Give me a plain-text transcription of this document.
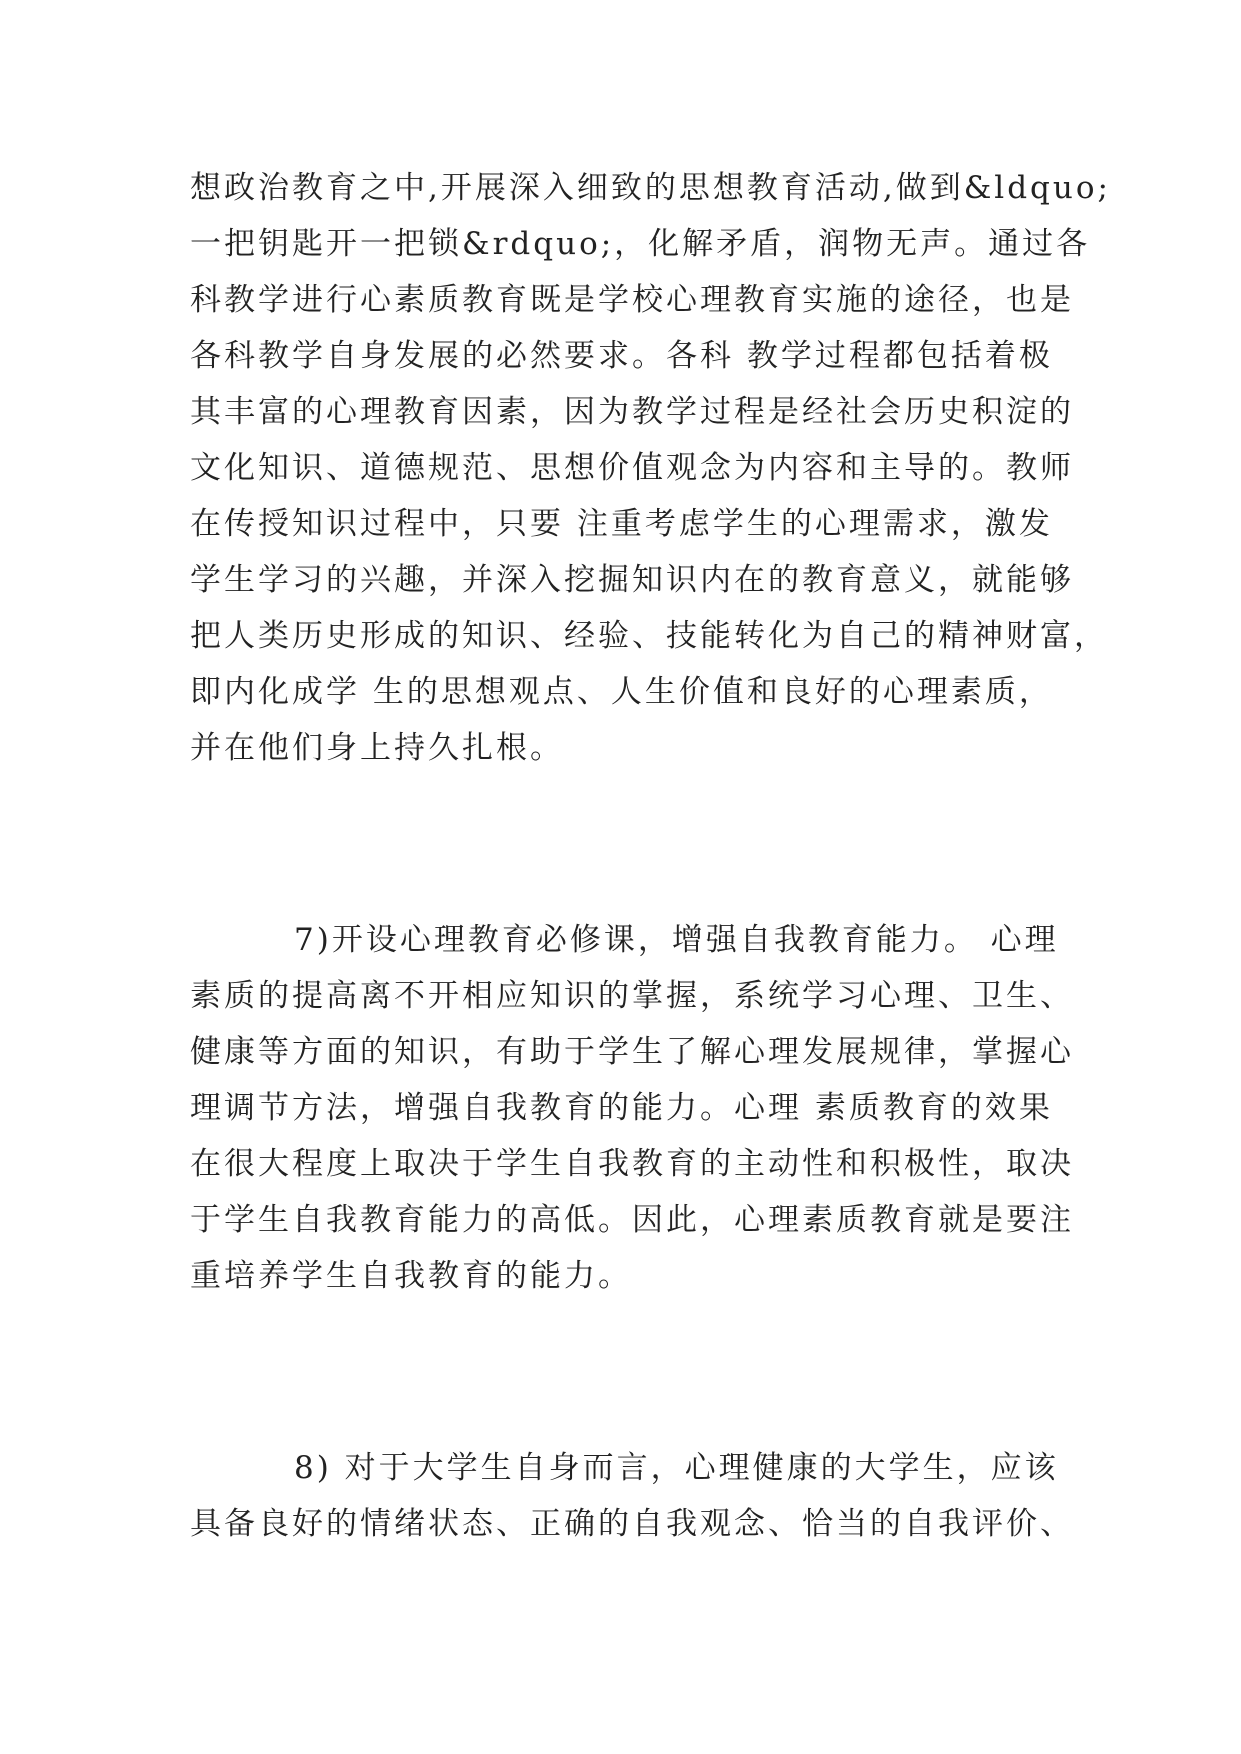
想政治教育之中,开展深入细致的思想教育活动,做到&ldquo;
一把钥匙开一把锁&rdquo;，化解矛盾，润物无声。通过各
科教学进行心素质教育既是学校心理教育实施的途径，也是
各科教学自身发展的必然要求。各科 教学过程都包括着极
其丰富的心理教育因素，因为教学过程是经社会历史积淀的
文化知识、道德规范、思想价值观念为内容和主导的。教师
在传授知识过程中，只要 注重考虑学生的心理需求，激发
学生学习的兴趣，并深入挖掘知识内在的教育意义，就能够
把人类历史形成的知识、经验、技能转化为自己的精神财富，
即内化成学 生的思想观点、人生价值和良好的心理素质，
并在他们身上持久扎根。
7)开设心理教育必修课，增强自我教育能力。 心理
素质的提高离不开相应知识的掌握，系统学习心理、卫生、
健康等方面的知识，有助于学生了解心理发展规律，掌握心
理调节方法，增强自我教育的能力。心理 素质教育的效果
在很大程度上取决于学生自我教育的主动性和积极性，取决
于学生自我教育能力的高低。因此，心理素质教育就是要注
重培养学生自我教育的能力。
8) 对于大学生自身而言，心理健康的大学生，应该
具备良好的情绪状态、正确的自我观念、恰当的自我评价、
